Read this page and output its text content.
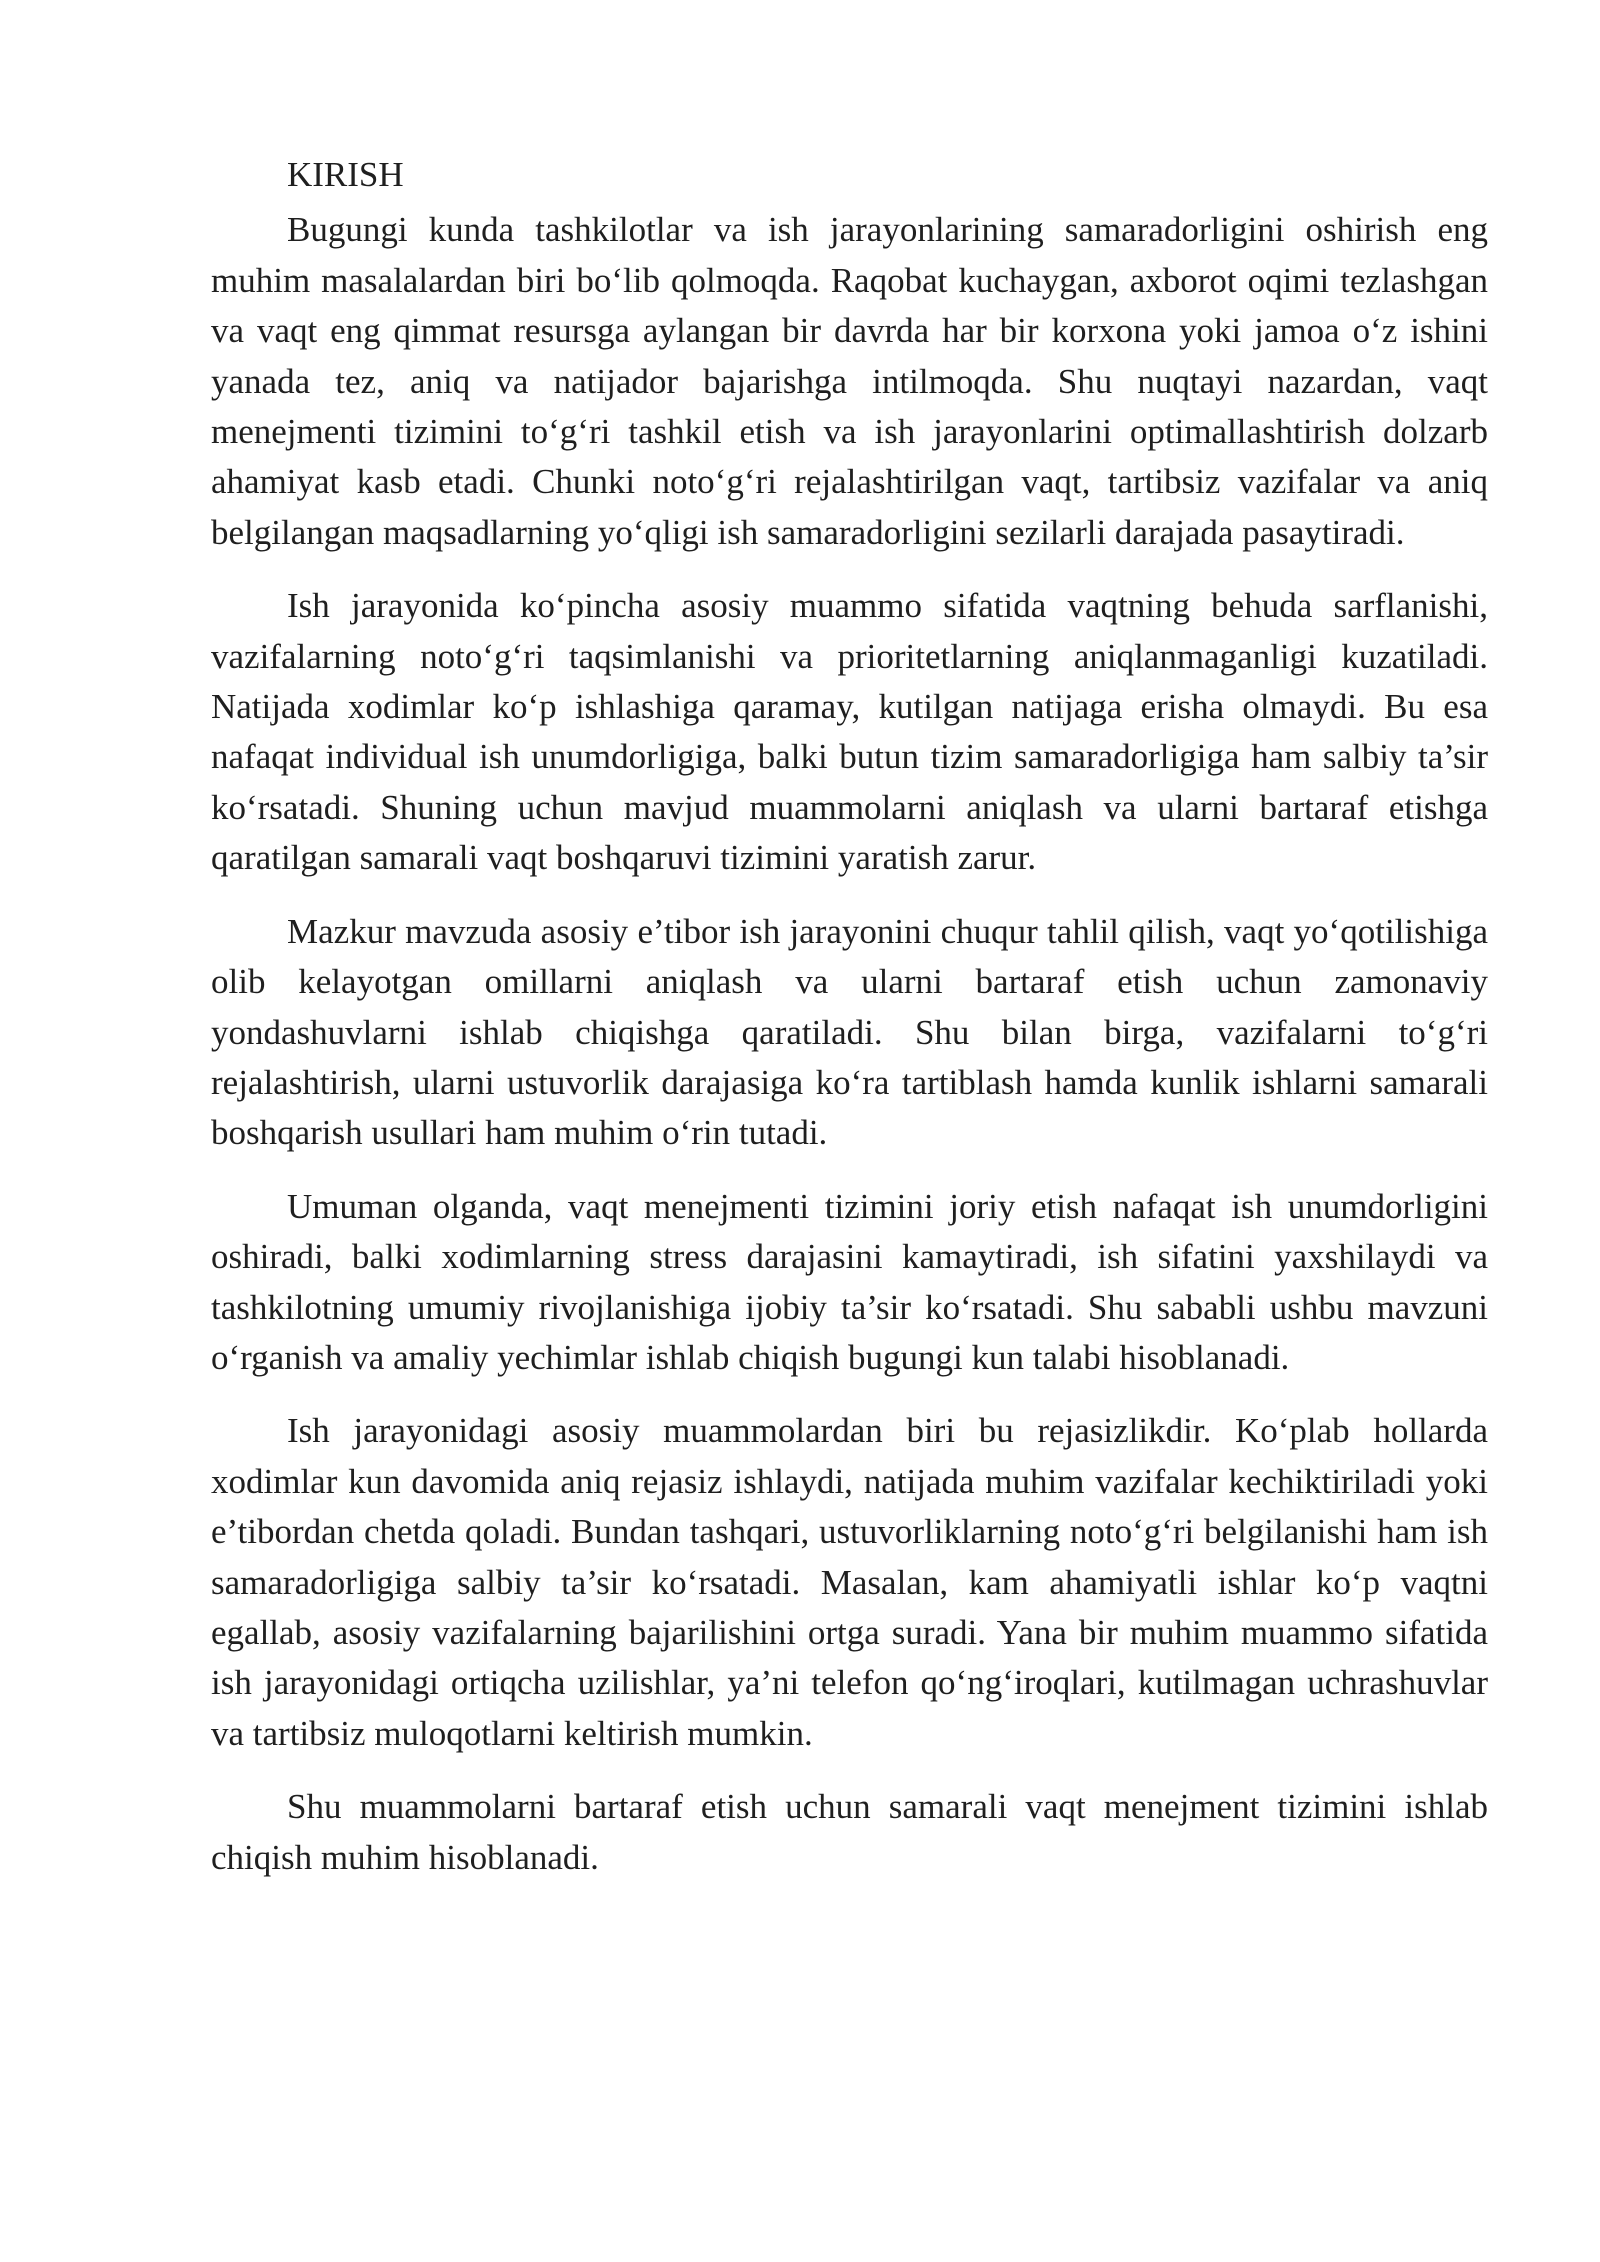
KIRISH

Bugungi kunda tashkilotlar va ish jarayonlarining samaradorligini oshirish eng muhim masalalardan biri bo‘lib qolmoqda. Raqobat kuchaygan, axborot oqimi tezlashgan va vaqt eng qimmat resursga aylangan bir davrda har bir korxona yoki jamoa o‘z ishini yanada tez, aniq va natijador bajarishga intilmoqda. Shu nuqtayi nazardan, vaqt menejmenti tizimini to‘g‘ri tashkil etish va ish jarayonlarini optimallashtirish dolzarb ahamiyat kasb etadi. Chunki noto‘g‘ri rejalashtirilgan vaqt, tartibsiz vazifalar va aniq belgilangan maqsadlarning yo‘qligi ish samaradorligini sezilarli darajada pasaytiradi.

Ish jarayonida ko‘pincha asosiy muammo sifatida vaqtning behuda sarflanishi, vazifalarning noto‘g‘ri taqsimlanishi va prioritetlarning aniqlanmaganligi kuzatiladi. Natijada xodimlar ko‘p ishlashiga qaramay, kutilgan natijaga erisha olmaydi. Bu esa nafaqat individual ish unumdorligiga, balki butun tizim samaradorligiga ham salbiy ta’sir ko‘rsatadi. Shuning uchun mavjud muammolarni aniqlash va ularni bartaraf etishga qaratilgan samarali vaqt boshqaruvi tizimini yaratish zarur.

Mazkur mavzuda asosiy e’tibor ish jarayonini chuqur tahlil qilish, vaqt yo‘qotilishiga olib kelayotgan omillarni aniqlash va ularni bartaraf etish uchun zamonaviy yondashuvlarni ishlab chiqishga qaratiladi. Shu bilan birga, vazifalarni to‘g‘ri rejalashtirish, ularni ustuvorlik darajasiga ko‘ra tartiblash hamda kunlik ishlarni samarali boshqarish usullari ham muhim o‘rin tutadi.

Umuman olganda, vaqt menejmenti tizimini joriy etish nafaqat ish unumdorligini oshiradi, balki xodimlarning stress darajasini kamaytiradi, ish sifatini yaxshilaydi va tashkilotning umumiy rivojlanishiga ijobiy ta’sir ko‘rsatadi. Shu sababli ushbu mavzuni o‘rganish va amaliy yechimlar ishlab chiqish bugungi kun talabi hisoblanadi.

Ish jarayonidagi asosiy muammolardan biri bu rejasizlikdir. Ko‘plab hollarda xodimlar kun davomida aniq rejasiz ishlaydi, natijada muhim vazifalar kechiktiriladi yoki e’tibordan chetda qoladi. Bundan tashqari, ustuvorliklarning noto‘g‘ri belgilanishi ham ish samaradorligiga salbiy ta’sir ko‘rsatadi. Masalan, kam ahamiyatli ishlar ko‘p vaqtni egallab, asosiy vazifalarning bajarilishini ortga suradi. Yana bir muhim muammo sifatida ish jarayonidagi ortiqcha uzilishlar, ya’ni telefon qo‘ng‘iroqlari, kutilmagan uchrashuvlar va tartibsiz muloqotlarni keltirish mumkin.

Shu muammolarni bartaraf etish uchun samarali vaqt menejment tizimini ishlab chiqish muhim hisoblanadi.
